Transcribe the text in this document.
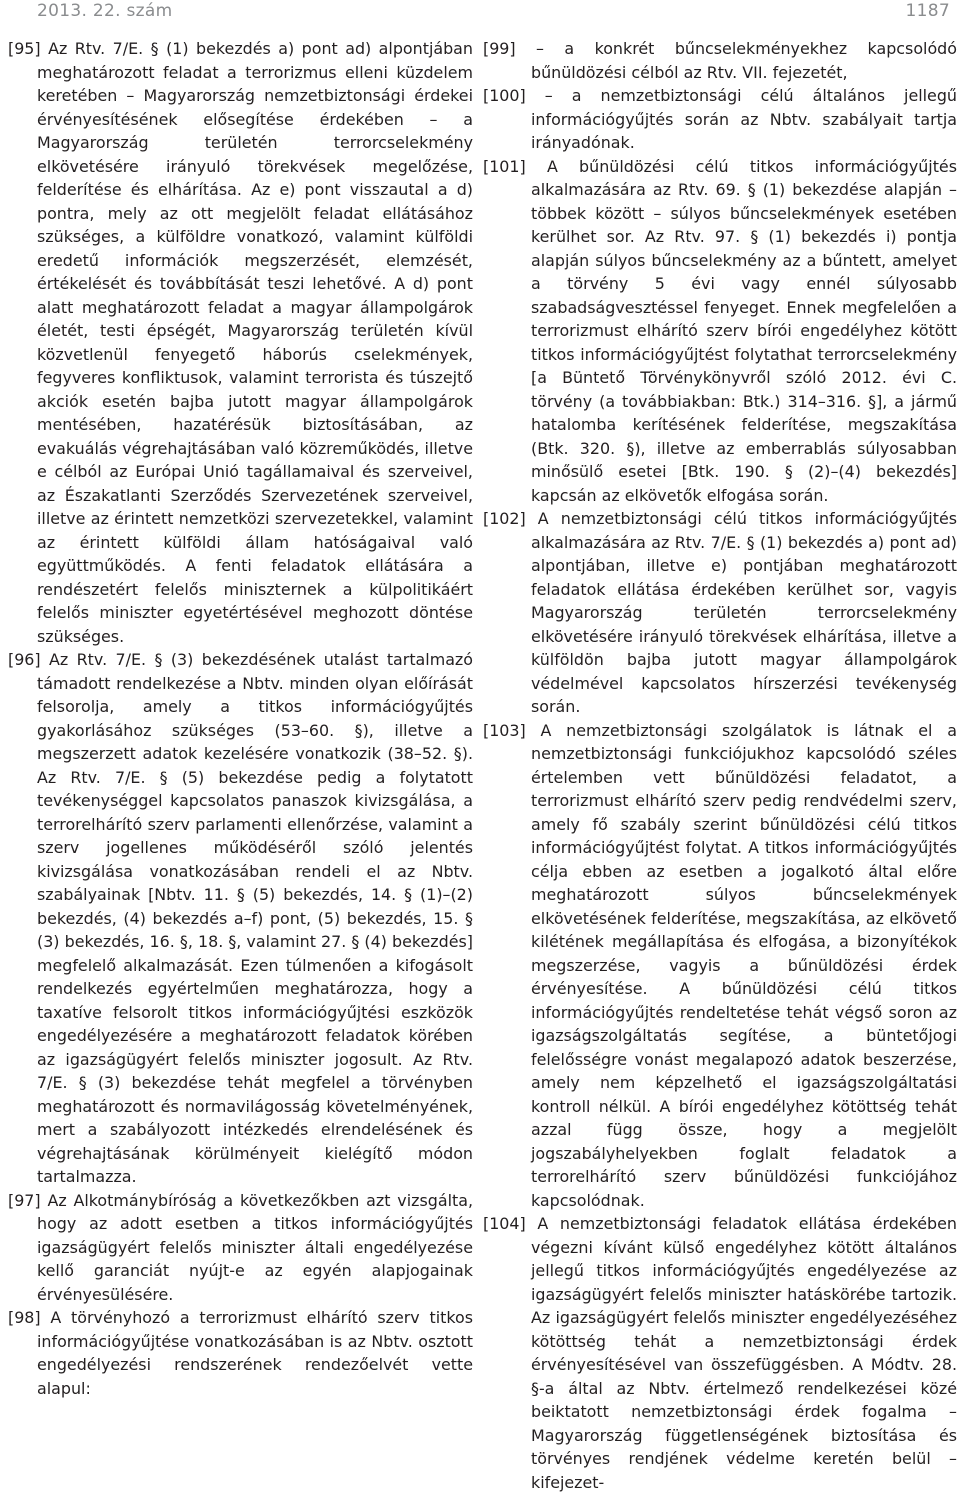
2013. 22. szám	1187

[95] Az Rtv. 7/E. § (1) bekezdés a) pont ad) alpontjában meghatározott feladat a terrorizmus elleni küzdelem keretében – Magyarország nemzetbiztonsági érdekei érvényesítésének elősegítése érdekében – a Magyarország területén terrorcselekmény elkövetésére irányuló törekvések megelőzése, felderítése és elhárítása. Az e) pont visszautal a d) pontra, mely az ott megjelölt feladat ellátásához szükséges, a külföldre vonatkozó, valamint külföldi eredetű információk megszerzését, elemzését, értékelését és továbbítását teszi lehetővé. A d) pont alatt meghatározott feladat a magyar állampolgárok életét, testi épségét, Magyarország területén kívül közvetlenül fenyegető háborús cselekmények, fegyveres konfliktusok, valamint terrorista és túszejtő akciók esetén bajba jutott magyar állampolgárok mentésében, hazatérésük biztosításában, az evakuálás végrehajtásában való közreműködés, illetve e célból az Európai Unió tagállamaival és szerveivel, az Északatlanti Szerződés Szervezetének szerveivel, illetve az érintett nemzetközi szervezetekkel, valamint az érintett külföldi állam hatóságaival való együttműködés. A fenti feladatok ellátására a rendészetért felelős miniszternek a külpolitikáért felelős miniszter egyetértésével meghozott döntése szükséges.

[96] Az Rtv. 7/E. § (3) bekezdésének utalást tartalmazó támadott rendelkezése a Nbtv. minden olyan előírását felsorolja, amely a titkos információgyűjtés gyakorlásához szükséges (53–60. §), illetve a megszerzett adatok kezelésére vonatkozik (38–52. §). Az Rtv. 7/E. § (5) bekezdése pedig a folytatott tevékenységgel kapcsolatos panaszok kivizsgálása, a terrorelhárító szerv parlamenti ellenőrzése, valamint a szerv jogellenes működéséről szóló jelentés kivizsgálása vonatkozásában rendeli el az Nbtv. szabályainak [Nbtv. 11. § (5) bekezdés, 14. § (1)–(2) bekezdés, (4) bekezdés a–f) pont, (5) bekezdés, 15. § (3) bekezdés, 16. §, 18. §, valamint 27. § (4) bekezdés] megfelelő alkalmazását. Ezen túlmenően a kifogásolt rendelkezés egyértelműen meghatározza, hogy a taxatíve felsorolt titkos információgyűjtési eszközök engedélyezésére a meghatározott feladatok körében az igazságügyért felelős miniszter jogosult. Az Rtv. 7/E. § (3) bekezdése tehát megfelel a törvényben meghatározott és normavilágosság követelményének, mert a szabályozott intézkedés elrendelésének és végrehajtásának körülményeit kielégítő módon tartalmazza.

[97] Az Alkotmánybíróság a következőkben azt vizsgálta, hogy az adott esetben a titkos információgyűjtés igazságügyért felelős miniszter általi engedélyezése kellő garanciát nyújt-e az egyén alapjogainak érvényesülésére.

[98] A törvényhozó a terrorizmust elhárító szerv titkos információgyűjtése vonatkozásában is az Nbtv. osztott engedélyezési rendszerének rendezőelvét vette alapul:

[99] – a konkrét bűncselekményekhez kapcsolódó bűnüldözési célból az Rtv. VII. fejezetét,

[100] – a nemzetbiztonsági célú általános jellegű információgyűjtés során az Nbtv. szabályait tartja irányadónak.

[101] A bűnüldözési célú titkos információgyűjtés alkalmazására az Rtv. 69. § (1) bekezdése alapján – többek között – súlyos bűncselekmények esetében kerülhet sor. Az Rtv. 97. § (1) bekezdés i) pontja alapján súlyos bűncselekmény az a bűntett, amelyet a törvény 5 évi vagy ennél súlyosabb szabadságvesztéssel fenyeget. Ennek megfelelően a terrorizmust elhárító szerv bírói engedélyhez kötött titkos információgyűjtést folytathat terrorcselekmény [a Büntető Törvénykönyvről szóló 2012. évi C. törvény (a továbbiakban: Btk.) 314–316. §], a jármű hatalomba kerítésének felderítése, megszakítása (Btk. 320. §), illetve az emberrablás súlyosabban minősülő esetei [Btk. 190. § (2)–(4) bekezdés] kapcsán az elkövetők elfogása során.

[102] A nemzetbiztonsági célú titkos információgyűjtés alkalmazására az Rtv. 7/E. § (1) bekezdés a) pont ad) alpontjában, illetve e) pontjában meghatározott feladatok ellátása érdekében kerülhet sor, vagyis Magyarország területén terrorcselekmény elkövetésére irányuló törekvések elhárítása, illetve a külföldön bajba jutott magyar állampolgárok védelmével kapcsolatos hírszerzési tevékenység során.

[103] A nemzetbiztonsági szolgálatok is látnak el a nemzetbiztonsági funkciójukhoz kapcsolódó széles értelemben vett bűnüldözési feladatot, a terrorizmust elhárító szerv pedig rendvédelmi szerv, amely fő szabály szerint bűnüldözési célú titkos információgyűjtést folytat. A titkos információgyűjtés célja ebben az esetben a jogalkotó által előre meghatározott súlyos bűncselekmények elkövetésének felderítése, megszakítása, az elkövető kilétének megállapítása és elfogása, a bizonyítékok megszerzése, vagyis a bűnüldözési érdek érvényesítése. A bűnüldözési célú titkos információgyűjtés rendeltetése tehát végső soron az igazságszolgáltatás segítése, a büntetőjogi felelősségre vonást megalapozó adatok beszerzése, amely nem képzelhető el igazságszolgáltatási kontroll nélkül. A bírói engedélyhez kötöttség tehát azzal függ össze, hogy a megjelölt jogszabályhelyekben foglalt feladatok a terrorelhárító szerv bűnüldözési funkciójához kapcsolódnak.

[104] A nemzetbiztonsági feladatok ellátása érdekében végezni kívánt külső engedélyhez kötött általános jellegű titkos információgyűjtés engedélyezése az igazságügyért felelős miniszter hatáskörébe tartozik. Az igazságügyért felelős miniszter engedélyezéséhez kötöttség tehát a nemzetbiztonsági érdek érvényesítésével van összefüggésben. A Módtv. 28. §-a által az Nbtv. értelmező rendelkezései közé beiktatott nemzetbiztonsági érdek fogalma – Magyarország függetlenségének biztosítása és törvényes rendjének védelme keretén belül – kifejezet-
